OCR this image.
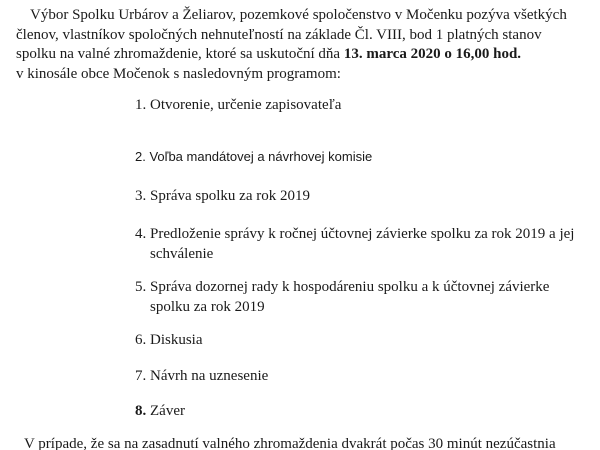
Výbor Spolku Urbárov a Želiarov, pozemkové spoločenstvo v Močenku pozýva všetkých
členov, vlastníkov spoločných nehnuteľností na základe Čl. VIII, bod 1 platných stanov
spolku na valné zhromaždenie, ktoré sa uskutoční dňa 13. marca 2020 o 16,00 hod.
v kinosále obce Močenok s nasledovným programom:
1. Otvorenie, určenie zapisovateľa
2. Voľba mandátovej a návrhovej komisie
3. Správa spolku za rok 2019
4. Predloženie správy k ročnej účtovnej závierke spolku za rok 2019 a jej
schválenie
5. Správa dozornej rady k hospodáreniu spolku a k účtovnej závierke
spolku za rok 2019
6. Diskusia
7. Návrh na uznesenie
8. Záver
V prípade, že sa na zasadnutí valného zhromaždenia dvakrát počas 30 minút nezúčastnia
